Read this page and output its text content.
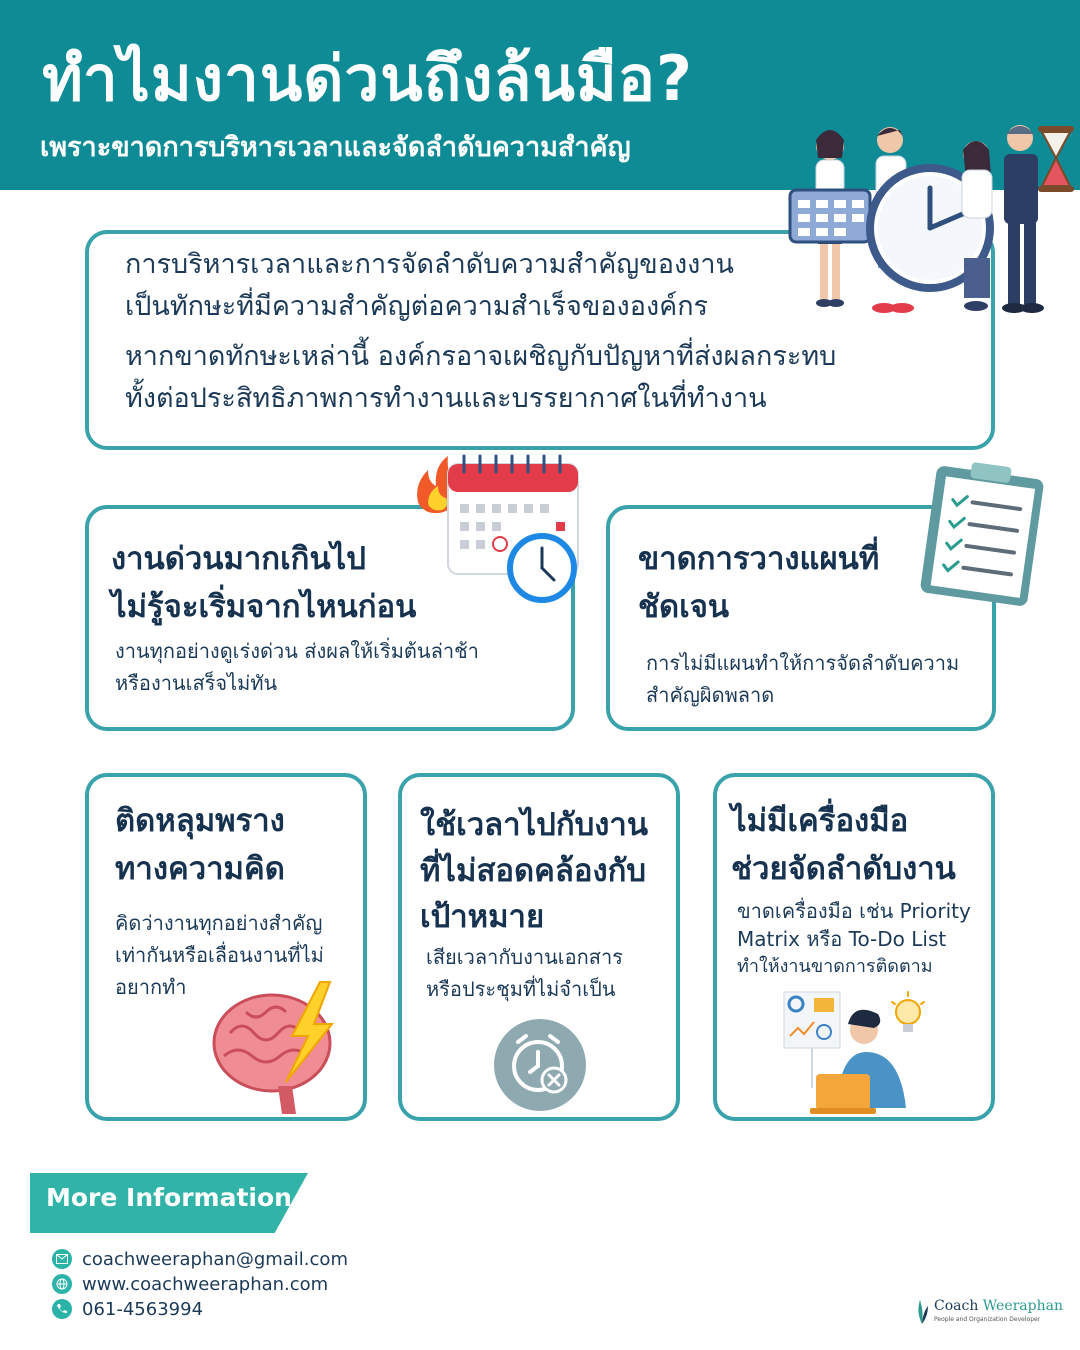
ทำไมงานด่วนถึงล้นมือ?
เพราะขาดการบริหารเวลาและจัดลำดับความสำคัญ
การบริหารเวลาและการจัดลำดับความสำคัญของงาน
เป็นทักษะที่มีความสำคัญต่อความสำเร็จขององค์กร
หากขาดทักษะเหล่านี้ องค์กรอาจเผชิญกับปัญหาที่ส่งผลกระทบ
ทั้งต่อประสิทธิภาพการทำงานและบรรยากาศในที่ทำงาน
งานด่วนมากเกินไป
ไม่รู้จะเริ่มจากไหนก่อน
งานทุกอย่างดูเร่งด่วน ส่งผลให้เริ่มต้นล่าช้า
หรืองานเสร็จไม่ทัน
ขาดการวางแผนที่
ชัดเจน
การไม่มีแผนทำให้การจัดลำดับความ
สำคัญผิดพลาด
ติดหลุมพราง
ทางความคิด
คิดว่างานทุกอย่างสำคัญ
เท่ากันหรือเลื่อนงานที่ไม่
อยากทำ
ใช้เวลาไปกับงาน
ที่ไม่สอดคล้องกับ
เป้าหมาย
เสียเวลากับงานเอกสาร
หรือประชุมที่ไม่จำเป็น
ไม่มีเครื่องมือ
ช่วยจัดลำดับงาน
ขาดเครื่องมือ เช่น Priority
Matrix หรือ To-Do List
ทำให้งานขาดการติดตาม
More Information
coachweeraphan@gmail.com
www.coachweeraphan.com
061-4563994	Coach Weeraphan
People and Organization Developer
